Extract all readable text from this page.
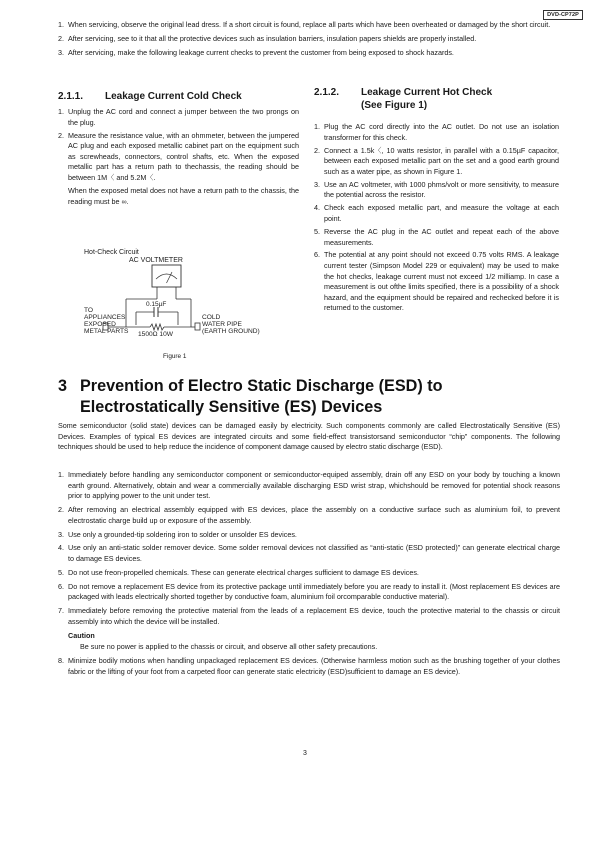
DVD-CP72P
1. When servicing, observe the original lead dress. If a short circuit is found, replace all parts which have been overheated or damaged by the short circuit.
2. After servicing, see to it that all the protective devices such as insulation barriers, insulation papers shields are properly installed.
3. After servicing, make the following leakage current checks to prevent the customer from being exposed to shock hazards.
2.1.1. Leakage Current Cold Check	2.1.2. Leakage Current Hot Check
(See Figure 1)
1. Unplug the AC cord and connect a jumper between the two prongs on the plug.
2. Measure the resistance value, with an ohmmeter, between the jumpered AC plug and each exposed metallic cabinet part on the equipment such as screwheads, connectors, control shafts, etc. When the exposed metallic part has a return path to thechassis, the reading should be between 1M〈 and 5.2M〈.

When the exposed metal does not have a return path to the chassis, the reading must be ∞.

1. Plug the AC cord directly into the AC outlet. Do not use an isolation transformer for this check.
2. Connect a 1.5k〈, 10 watts resistor, in parallel with a 0.15µF capacitor, between each exposed metallic part on the set and a good earth ground such as a water pipe, as shown in Figure 1.
3. Use an AC voltmeter, with 1000 phms/volt or more sensitivity, to measure the potential across the resistor.
4. Check each exposed metallic part, and measure the voltage at each point.
5. Reverse the AC plug in the AC outlet and repeat each of the above measurements.
6. The potential at any point should not exceed 0.75 volts RMS. A leakage current tester (Simpson Model 229 or equivalent) may be used to make the hot checks, leakage current must not exceed 1/2 milliamp. In case a measurement is out ofthe limits specified, there is a possibility of a shock hazard, and the equipment should be repaired and rechecked before it is returned to the customer.
Hot-Check Circuit
AC VOLTMETER
0.15µF
TO
APPLIANCES
EXPOSED
METAL PARTS 1500Ω 10W
COLD
WATER PIPE
(EARTH GROUND)
Figure 1
3 Prevention of Electro Static Discharge (ESD) to
Electrostatically Sensitive (ES) Devices

Some semiconductor (solid state) devices can be damaged easily by electricity. Such components commonly are called Electrostatically Sensitive (ES) Devices. Examples of typical ES devices are integrated circuits and some field-effect transistorsand semiconductor “chip” components. The following techniques should be used to help reduce the incidence of component damage caused by electro static discharge (ESD).

1. Immediately before handling any semiconductor component or semiconductor-equiped assembly, drain off any ESD on your body by touching a known earth ground. Alternatively, obtain and wear a commercially available discharging ESD wrist strap, whichshould be removed for potential shock reasons prior to applying power to the unit under test.
2. After removing an electrical assembly equipped with ES devices, place the assembly on a conductive surface such as aluminium foil, to prevent electrostatic charge build up or exposure of the assembly.
3. Use only a grounded-tip soldering iron to solder or unsolder ES devices.
4. Use only an anti-static solder remover device. Some solder removal devices not classified as “anti-static (ESD protected)” can generate electrical charge to damage ES devices.
5. Do not use freon-propelled chemicals. These can generate electrical charges sufficient to damage ES devices.
6. Do not remove a replacement ES device from its protective package until immediately before you are ready to install it. (Most replacement ES devices are packaged with leads electrically shorted together by conductive foam, aluminium foil orcomparable conductive material).
7. Immediately before removing the protective material from the leads of a replacement ES device, touch the protective material to the chassis or circuit assembly into which the device will be installed.
Caution
Be sure no power is applied to the chassis or circuit, and observe all other safety precautions.
8. Minimize bodily motions when handling unpackaged replacement ES devices. (Otherwise harmless motion such as the brushing together of your clothes fabric or the lifting of your foot from a carpeted floor can generate static electricity (ESD)sufficient to damage an ES device).
3
